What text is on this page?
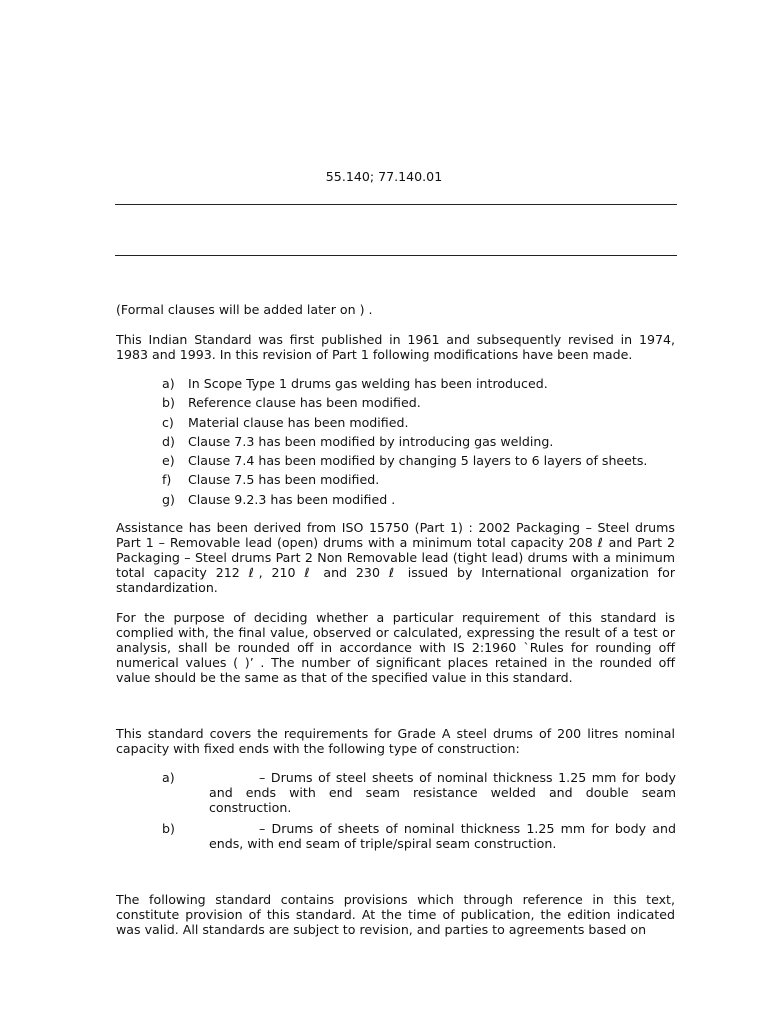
55.140; 77.140.01
(Formal clauses will be added later on ) .
This Indian Standard was first published in 1961 and subsequently revised in 1974, 1983 and 1993. In this revision of Part 1 following modifications have been made.
a) In Scope Type 1 drums gas welding has been introduced.
b) Reference clause has been modified.
c) Material clause has been modified.
d) Clause 7.3 has been modified by introducing gas welding.
e) Clause 7.4 has been modified by changing 5 layers to 6 layers of sheets.
f) Clause 7.5 has been modified.
g) Clause 9.2.3 has been modified .
Assistance has been derived from ISO 15750 (Part 1) : 2002 Packaging – Steel drums Part 1 – Removable lead (open) drums with a minimum total capacity 208 ℓ and Part 2 Packaging – Steel drums Part 2 Non Removable lead (tight lead) drums with a minimum total capacity 212 ℓ, 210 ℓ and 230 ℓ issued by International organization for standardization.
For the purpose of deciding whether a particular requirement of this standard is complied with, the final value, observed or calculated, expressing the result of a test or analysis, shall be rounded off in accordance with IS 2:1960 `Rules for rounding off numerical values ( )’ . The number of significant places retained in the rounded off value should be the same as that of the specified value in this standard.
This standard covers the requirements for Grade A steel drums of 200 litres nominal capacity with fixed ends with the following type of construction:
a)	– Drums of steel sheets of nominal thickness 1.25 mm for body and ends with end seam resistance welded and double seam construction.
b)	– Drums of sheets of nominal thickness 1.25 mm for body and ends, with end seam of triple/spiral seam construction.
The following standard contains provisions which through reference in this text, constitute provision of this standard. At the time of publication, the edition indicated was valid. All standards are subject to revision, and parties to agreements based on
